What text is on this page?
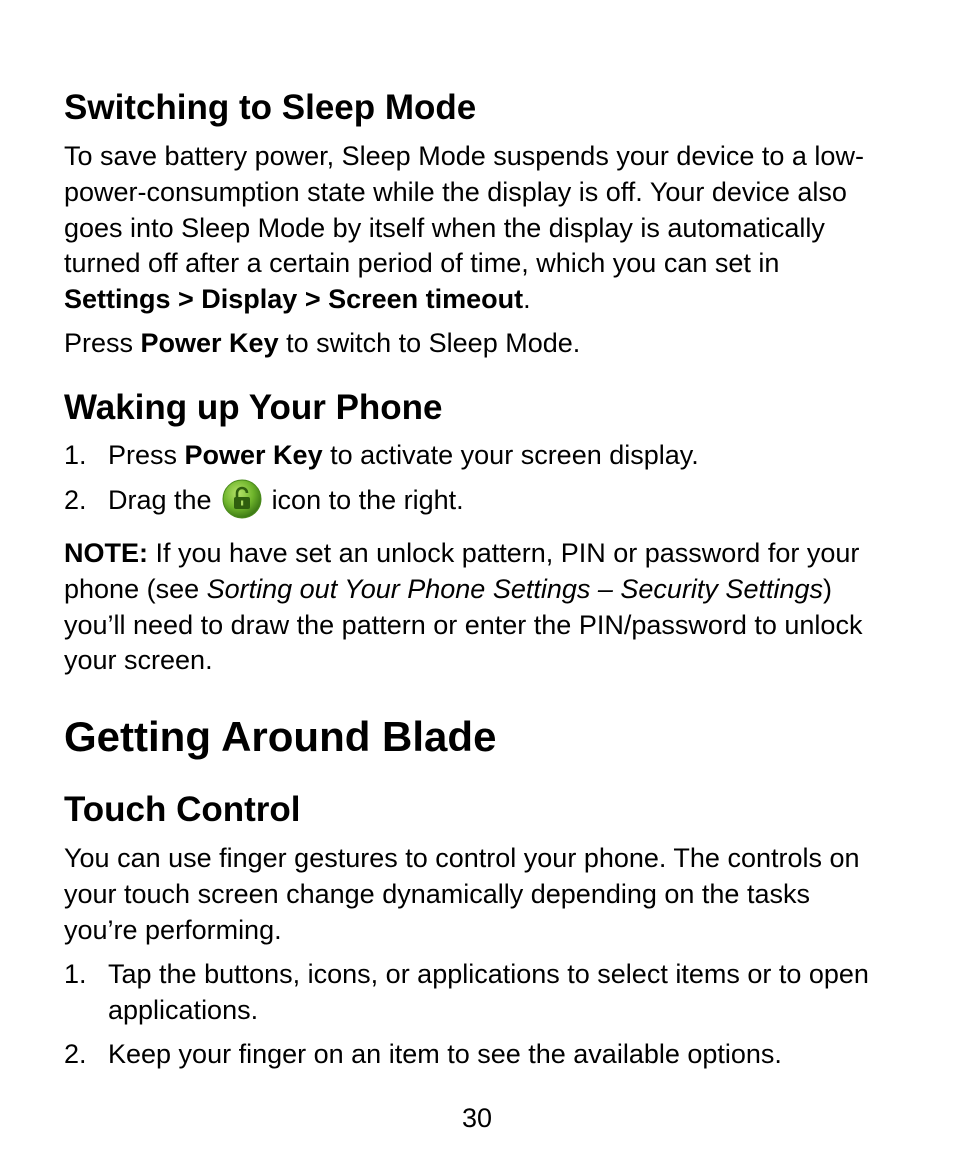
Switching to Sleep Mode

To save battery power, Sleep Mode suspends your device to a low-power-consumption state while the display is off. Your device also goes into Sleep Mode by itself when the display is automatically turned off after a certain period of time, which you can set in Settings > Display > Screen timeout.

Press Power Key to switch to Sleep Mode.

Waking up Your Phone
1. Press Power Key to activate your screen display.
2. Drag the icon to the right.

NOTE: If you have set an unlock pattern, PIN or password for your phone (see Sorting out Your Phone Settings – Security Settings) you’ll need to draw the pattern or enter the PIN/password to unlock your screen.

Getting Around Blade
Touch Control

You can use finger gestures to control your phone. The controls on your touch screen change dynamically depending on the tasks you’re performing.

1. Tap the buttons, icons, or applications to select items or to open applications.
2. Keep your finger on an item to see the available options.
30
